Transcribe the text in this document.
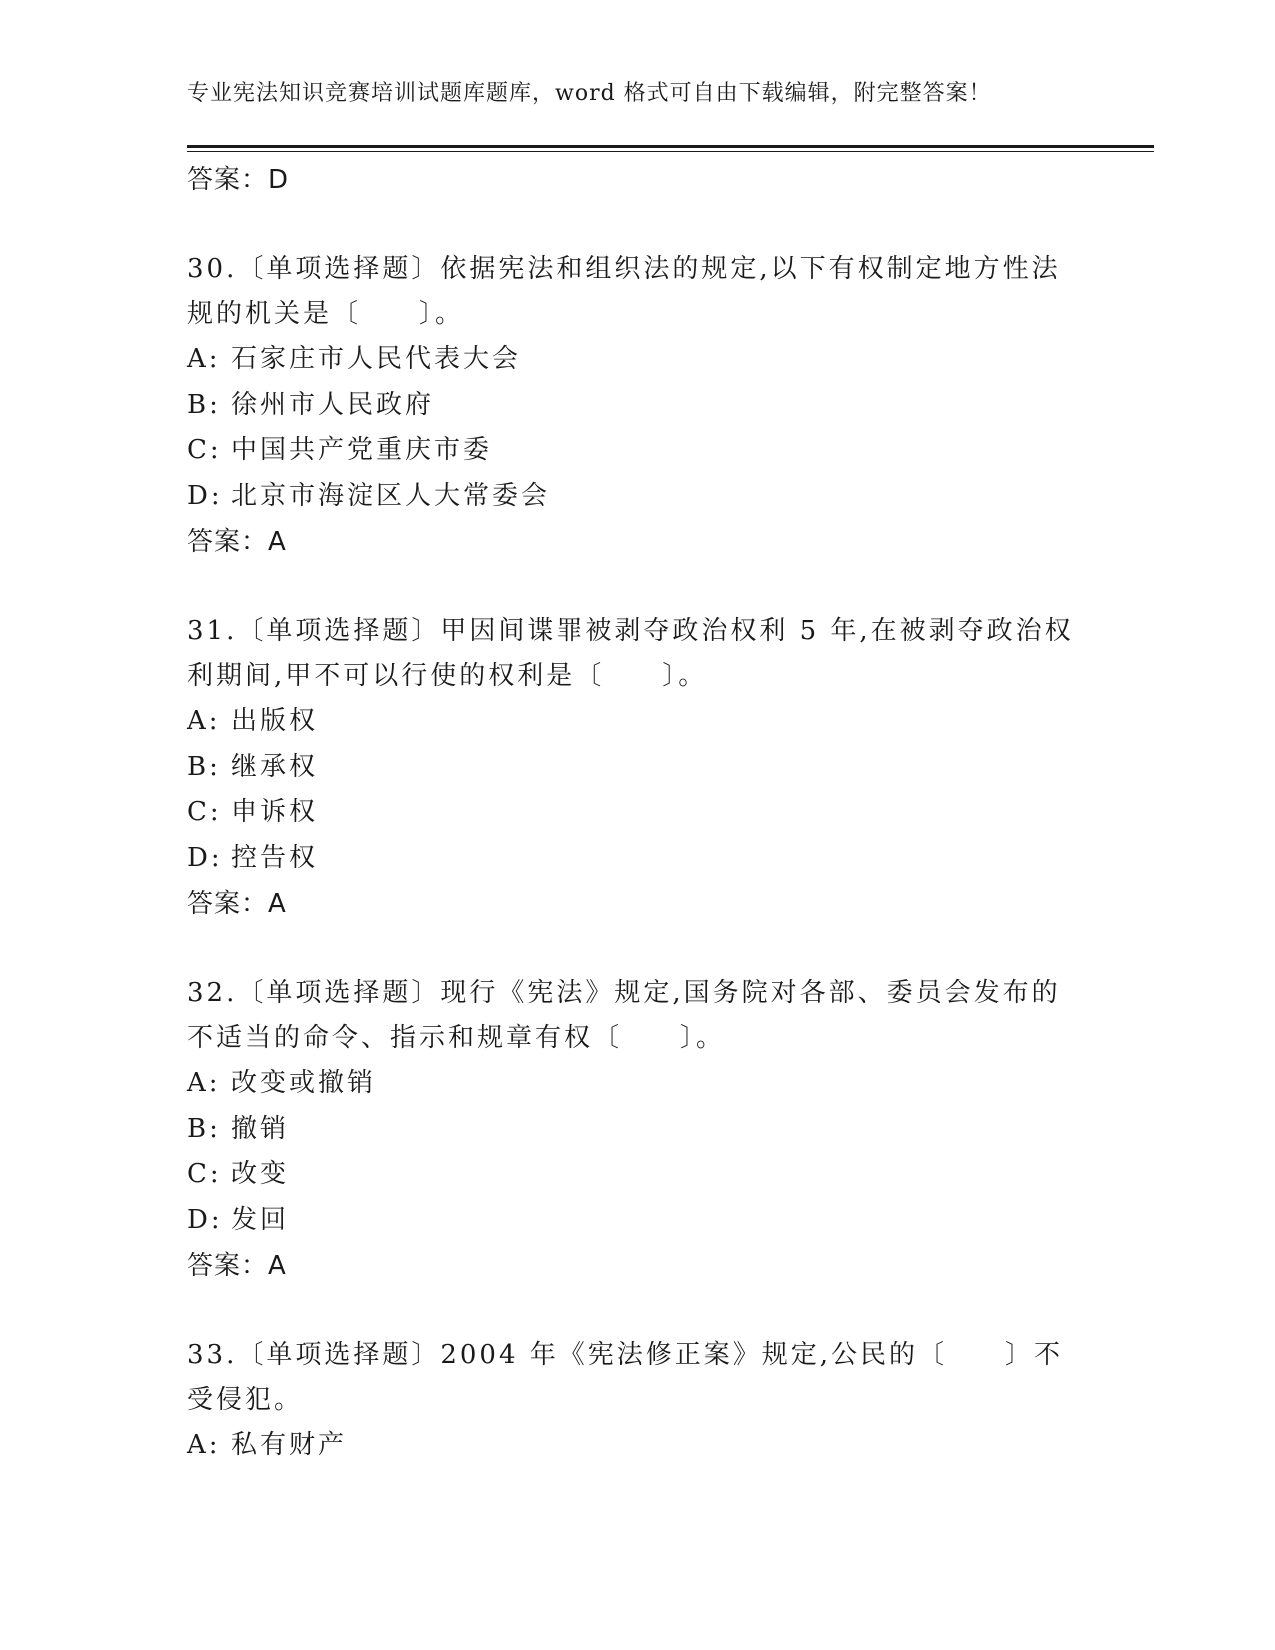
专业宪法知识竞赛培训试题库题库，word 格式可自由下载编辑，附完整答案！
答案：D
30.〔单项选择题〕依据宪法和组织法的规定,以下有权制定地方性法规的机关是〔　　〕。
A: 石家庄市人民代表大会
B: 徐州市人民政府
C: 中国共产党重庆市委
D: 北京市海淀区人大常委会
答案：A
31.〔单项选择题〕甲因间谍罪被剥夺政治权利 5 年,在被剥夺政治权利期间,甲不可以行使的权利是〔　　〕。
A: 出版权
B: 继承权
C: 申诉权
D: 控告权
答案：A
32.〔单项选择题〕现行《宪法》规定,国务院对各部、委员会发布的不适当的命令、指示和规章有权〔　　〕。
A: 改变或撤销
B: 撤销
C: 改变
D: 发回
答案：A
33.〔单项选择题〕2004 年《宪法修正案》规定,公民的〔　　〕不受侵犯。
A: 私有财产
